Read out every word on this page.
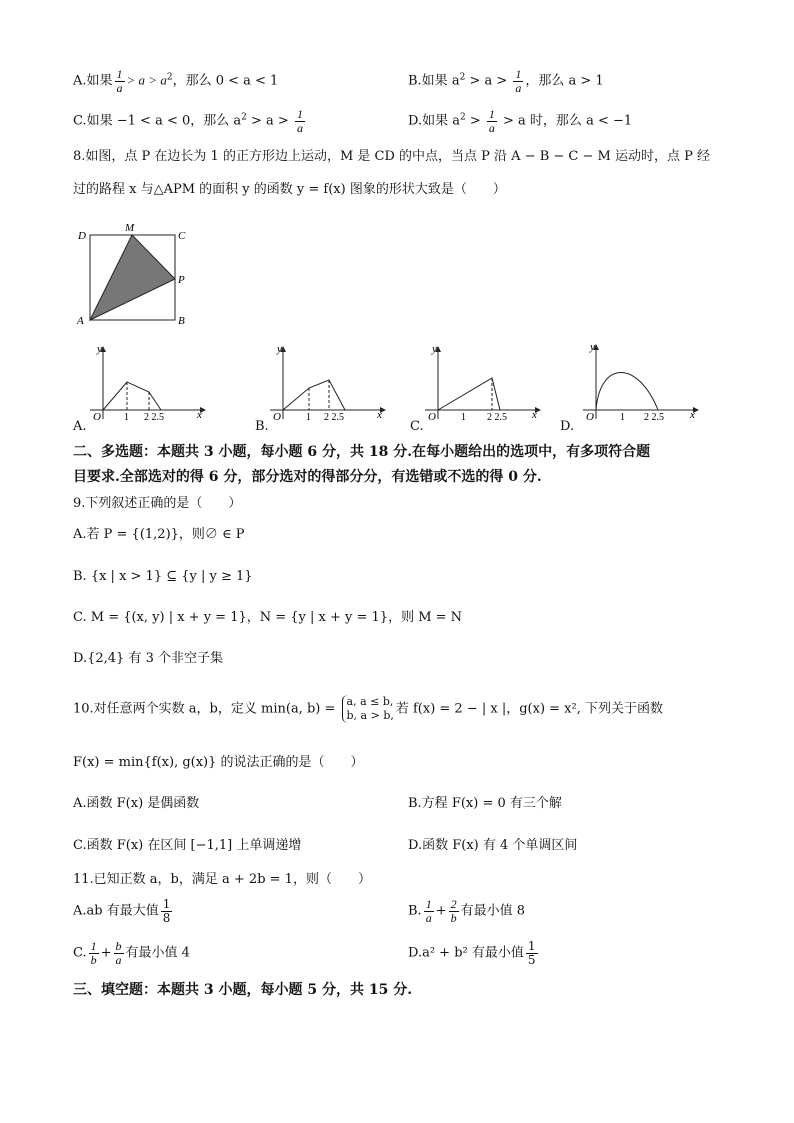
A.如果 $\frac{1}{a} > a > a^2$，那么 0 < a < 1	B.如果 $a^2 > a > \frac{1}{a}$ ，那么 a > 1
C.如果 −1 < a < 0，那么 $a^2 > a > \frac{1}{a}$	D.如果 $a^2 > \frac{1}{a} > a$ 时，那么 a < −1
8.如图，点 P 在边长为 1 的正方形边上运动，M 是 CD 的中点，当点 P 沿 A − B − C − M 运动时，点 P 经
过的路程 x 与△APM 的面积 y 的函数 y = f(x) 图象的形状大致是（　　）
D
M
C
P
A	B
A.
y
O 1 2 2.5	x
B.
y
O	1 2 2.5	x
C.
y
O	1 2 2.5 x
D.
y
O	1 2 2.5 x
二、多选题：本题共 3 小题，每小题 6 分，共 18 分.在每小题给出的选项中，有多项符合题
目要求.全部选对的得 6 分，部分选对的得部分分，有选错或不选的得 0 分.
9.下列叙述正确的是（　　）
A.若 P = {(1,2)}，则∅ ∈ P
B. {x | x > 1} ⊆ {y | y ≥ 1}
C. M = {(x, y) | x + y = 1}，N = {y | x + y = 1}，则 M = N
D.{2,4} 有 3 个非空子集
10.对任意两个实数 a，b，定义 min(a, b) = a, a ≤ b,
b, a > b, 若 f(x) = 2 − | x |，g(x) = x², 下列关于函数
F(x) = min{f(x), g(x)} 的说法正确的是（　　）
A.函数 F(x) 是偶函数	B.方程 F(x) = 0 有三个解
C.函数 F(x) 在区间 [−1,1] 上单调递增	D.函数 F(x) 有 4 个单调区间
11.已知正数 a，b，满足 a + 2b = 1，则（　　）
A.ab 有最大值 $\frac{1}{8}$	B. $\frac{1}{a} + \frac{2}{b}$ 有最小值 8
C. $\frac{1}{b} + \frac{b}{a}$ 有最小值 4	D.a² + b² 有最小值 $\frac{1}{5}$
三、填空题：本题共 3 小题，每小题 5 分，共 15 分.
